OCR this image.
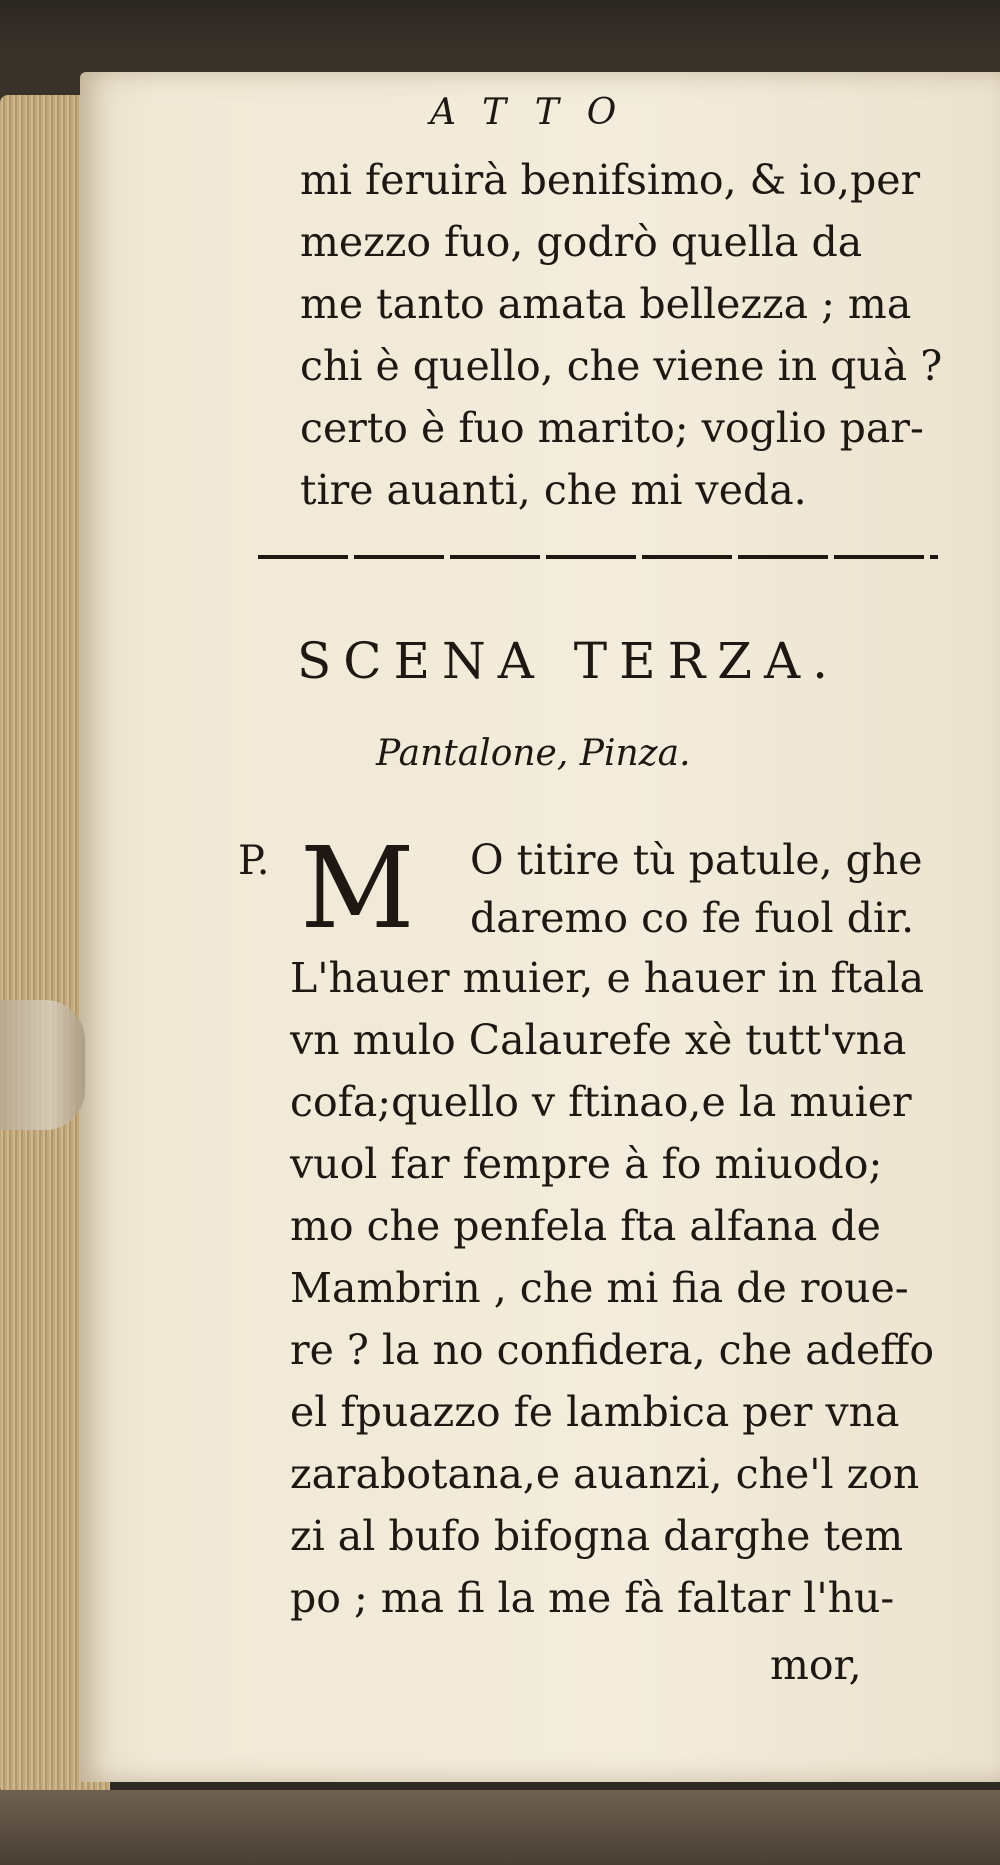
ATTO
mi feruirà benifsimo, & io,per
mezzo fuo, godrò quella da
me tanto amata bellezza ; ma
chi è quello, che viene in quà ?
certo è fuo marito; voglio par-
tire auanti, che mi veda.
SCENA TERZA.
Pantalone, Pinza.
P. M O titire tù patule, ghe
daremo co fe fuol dir.
L'hauer muier, e hauer in ftala
vn mulo Calaurefe xè tutt'vna
cofa;quello v ftinao,e la muier
vuol far fempre à fo miuodo;
mo che penfela fta alfana de
Mambrin , che mi fia de roue-
re ? la no confidera, che adeffo
el fpuazzo fe lambica per vna
zarabotana,e auanzi, che'l zon
zi al bufo bifogna darghe tem
po ; ma fi la me fà faltar l'hu-
mor,
